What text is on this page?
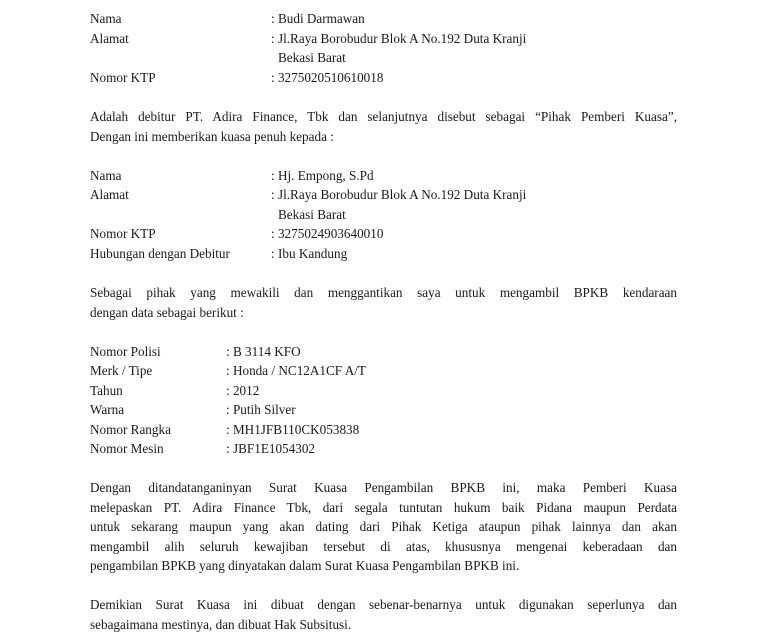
Nama	: Budi Darmawan
Alamat	: Jl.Raya Borobudur Blok A No.192 Duta Kranji
Bekasi Barat
Nomor KTP	: 3275020510610018
Adalah debitur PT. Adira Finance, Tbk dan selanjutnya disebut sebagai “Pihak Pemberi Kuasa”,
Dengan ini memberikan kuasa penuh kepada :
Nama	: Hj. Empong, S.Pd
Alamat	: Jl.Raya Borobudur Blok A No.192 Duta Kranji
Bekasi Barat
Nomor KTP	: 3275024903640010
Hubungan dengan Debitur	: Ibu Kandung
Sebagai pihak yang mewakili dan menggantikan saya untuk mengambil BPKB kendaraan
dengan data sebagai berikut :
Nomor Polisi	: B 3114 KFO
Merk / Tipe	: Honda / NC12A1CF A/T
Tahun	: 2012
Warna	: Putih Silver
Nomor Rangka	: MH1JFB110CK053838
Nomor Mesin	: JBF1E1054302
Dengan ditandatanganinyan Surat Kuasa Pengambilan BPKB ini, maka Pemberi Kuasa
melepaskan PT. Adira Finance Tbk, dari segala tuntutan hukum baik Pidana maupun Perdata
untuk sekarang maupun yang akan dating dari Pihak Ketiga ataupun pihak lainnya dan akan
mengambil alih seluruh kewajiban tersebut di atas, khususnya mengenai keberadaan dan
pengambilan BPKB yang dinyatakan dalam Surat Kuasa Pengambilan BPKB ini.
Demikian Surat Kuasa ini dibuat dengan sebenar-benarnya untuk digunakan seperlunya dan
sebagaimana mestinya, dan dibuat Hak Subsitusi.
